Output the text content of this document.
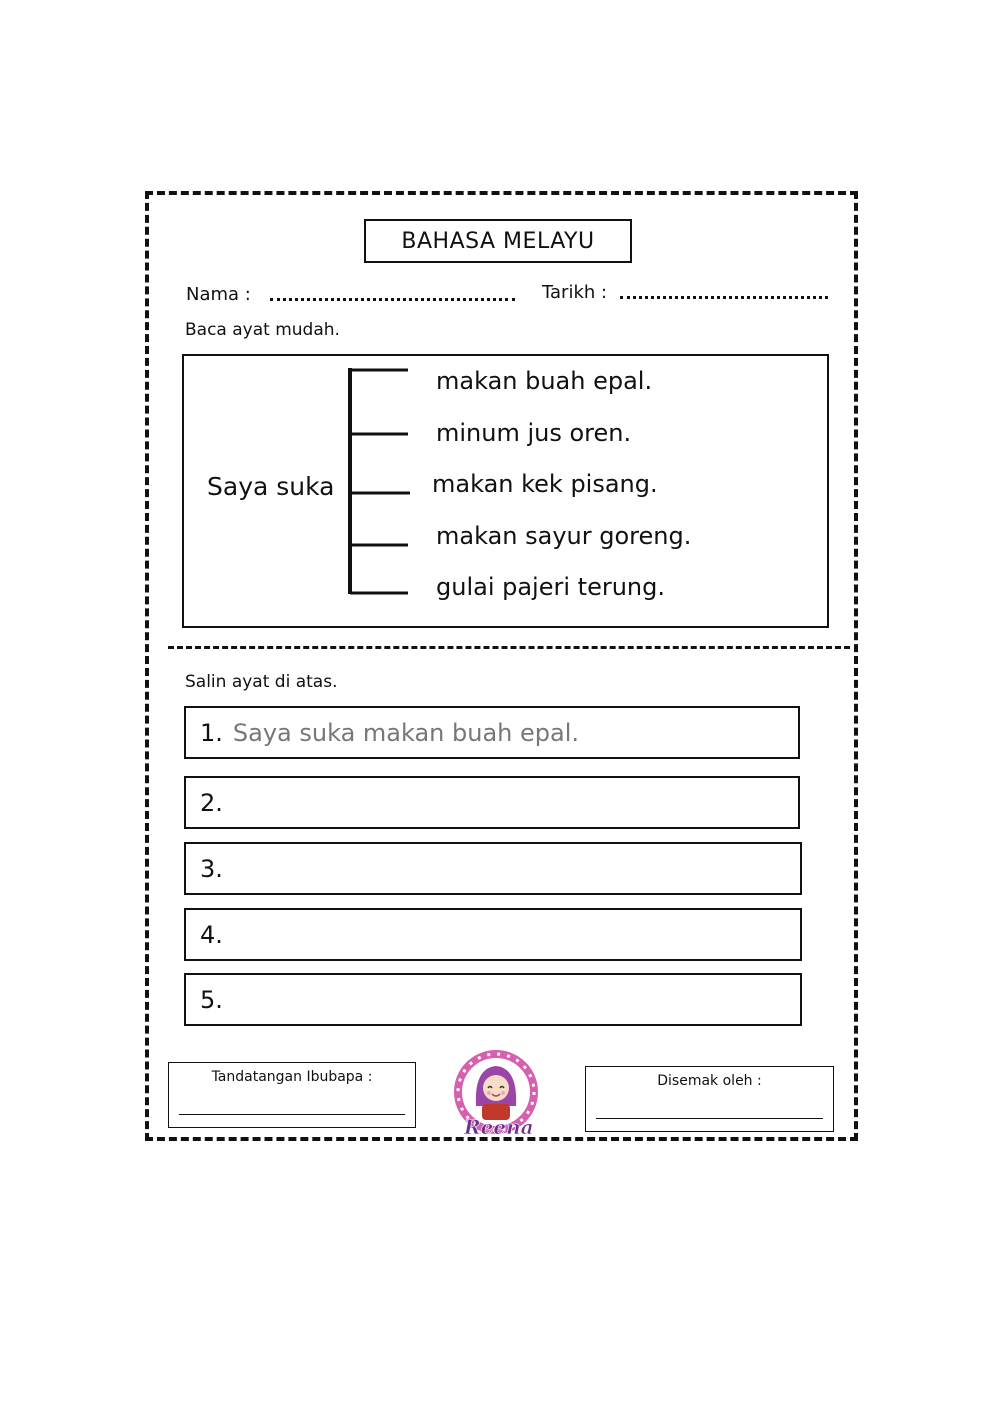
BAHASA MELAYU
Nama :	Tarikh :
Baca ayat mudah.
Saya suka
makan buah epal.
minum jus oren.
makan kek pisang.
makan sayur goreng.
gulai pajeri terung.
Salin ayat di atas.
1. Saya suka makan buah epal.
2.
3.
4.
5.
Tandatangan Ibubapa :	Disemak oleh :
Reena
